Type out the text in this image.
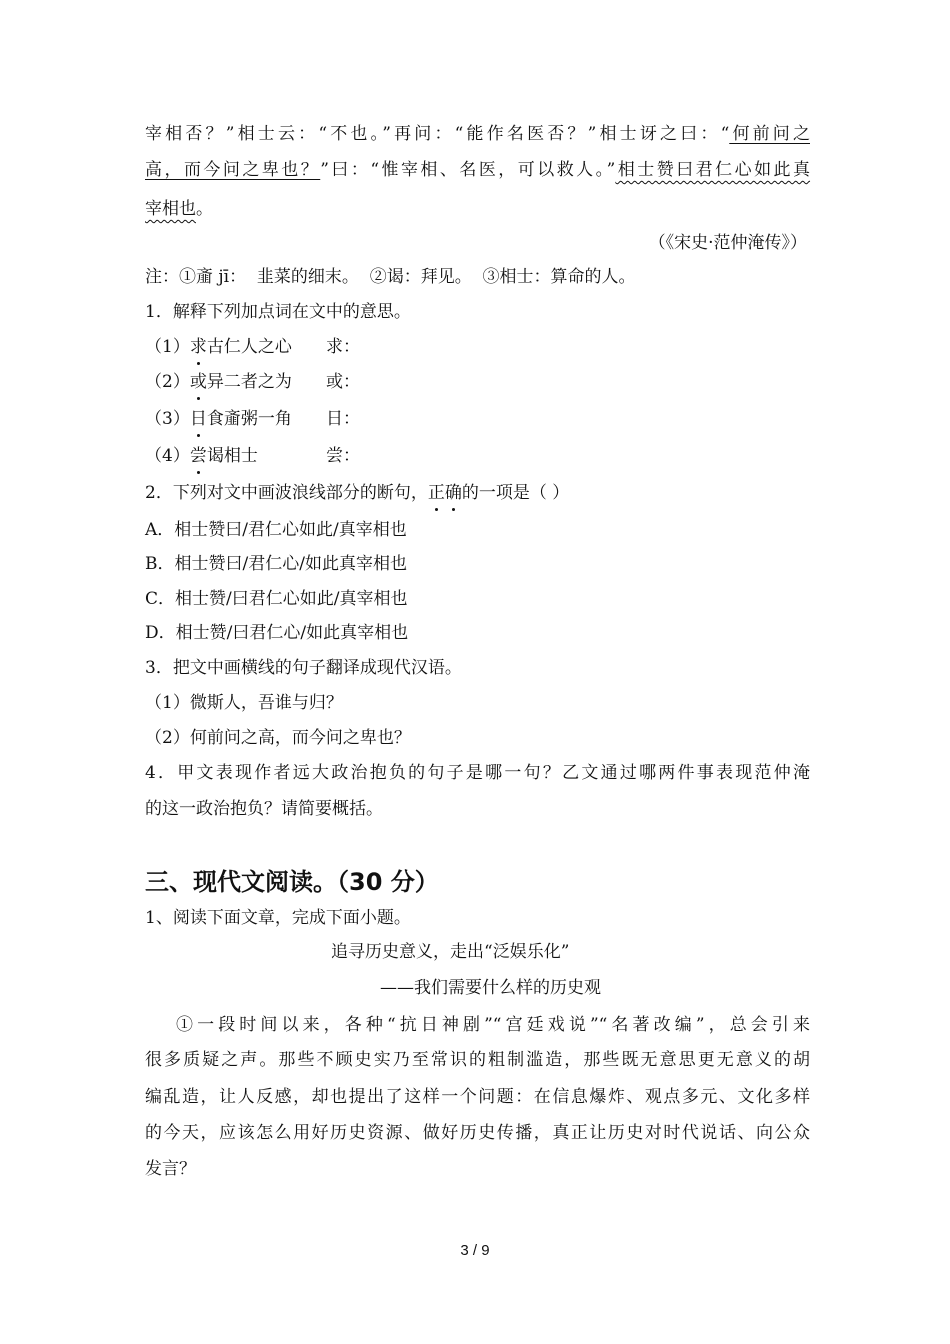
宰相否？”相士云：“不也。”再问：“能作名医否？”相士讶之曰：“何前问之
高，而今问之卑也？”曰：“惟宰相、名医，可以救人。”相士赞曰君仁心如此真
宰相也。
（《宋史·范仲淹传》）
注：①齑 jī：  韭菜的细末。  ②谒：拜见。  ③相士：算命的人。
1．解释下列加点词在文中的意思。
（1）求古仁人之心 求：
（2）或异二者之为 或：
（3）日食齑粥一角 日：
（4）尝谒相士	尝：
2．下列对文中画波浪线部分的断句，正确的一项是（ ）
A．相士赞曰/君仁心如此/真宰相也
B．相士赞曰/君仁心/如此真宰相也
C．相士赞/曰君仁心如此/真宰相也
D．相士赞/曰君仁心/如此真宰相也
3．把文中画横线的句子翻译成现代汉语。
（1）微斯人，吾谁与归？
（2）何前问之高，而今问之卑也？
4．甲文表现作者远大政治抱负的句子是哪一句？乙文通过哪两件事表现范仲淹
的这一政治抱负？请简要概括。
三、现代文阅读。（30 分）
1、阅读下面文章，完成下面小题。
追寻历史意义，走出“泛娱乐化”
——我们需要什么样的历史观
①一段时间以来，各种“抗日神剧”“宫廷戏说”“名著改编”，总会引来
很多质疑之声。那些不顾史实乃至常识的粗制滥造，那些既无意思更无意义的胡
编乱造，让人反感，却也提出了这样一个问题：在信息爆炸、观点多元、文化多样
的今天，应该怎么用好历史资源、做好历史传播，真正让历史对时代说话、向公众
发言？
3 / 9
